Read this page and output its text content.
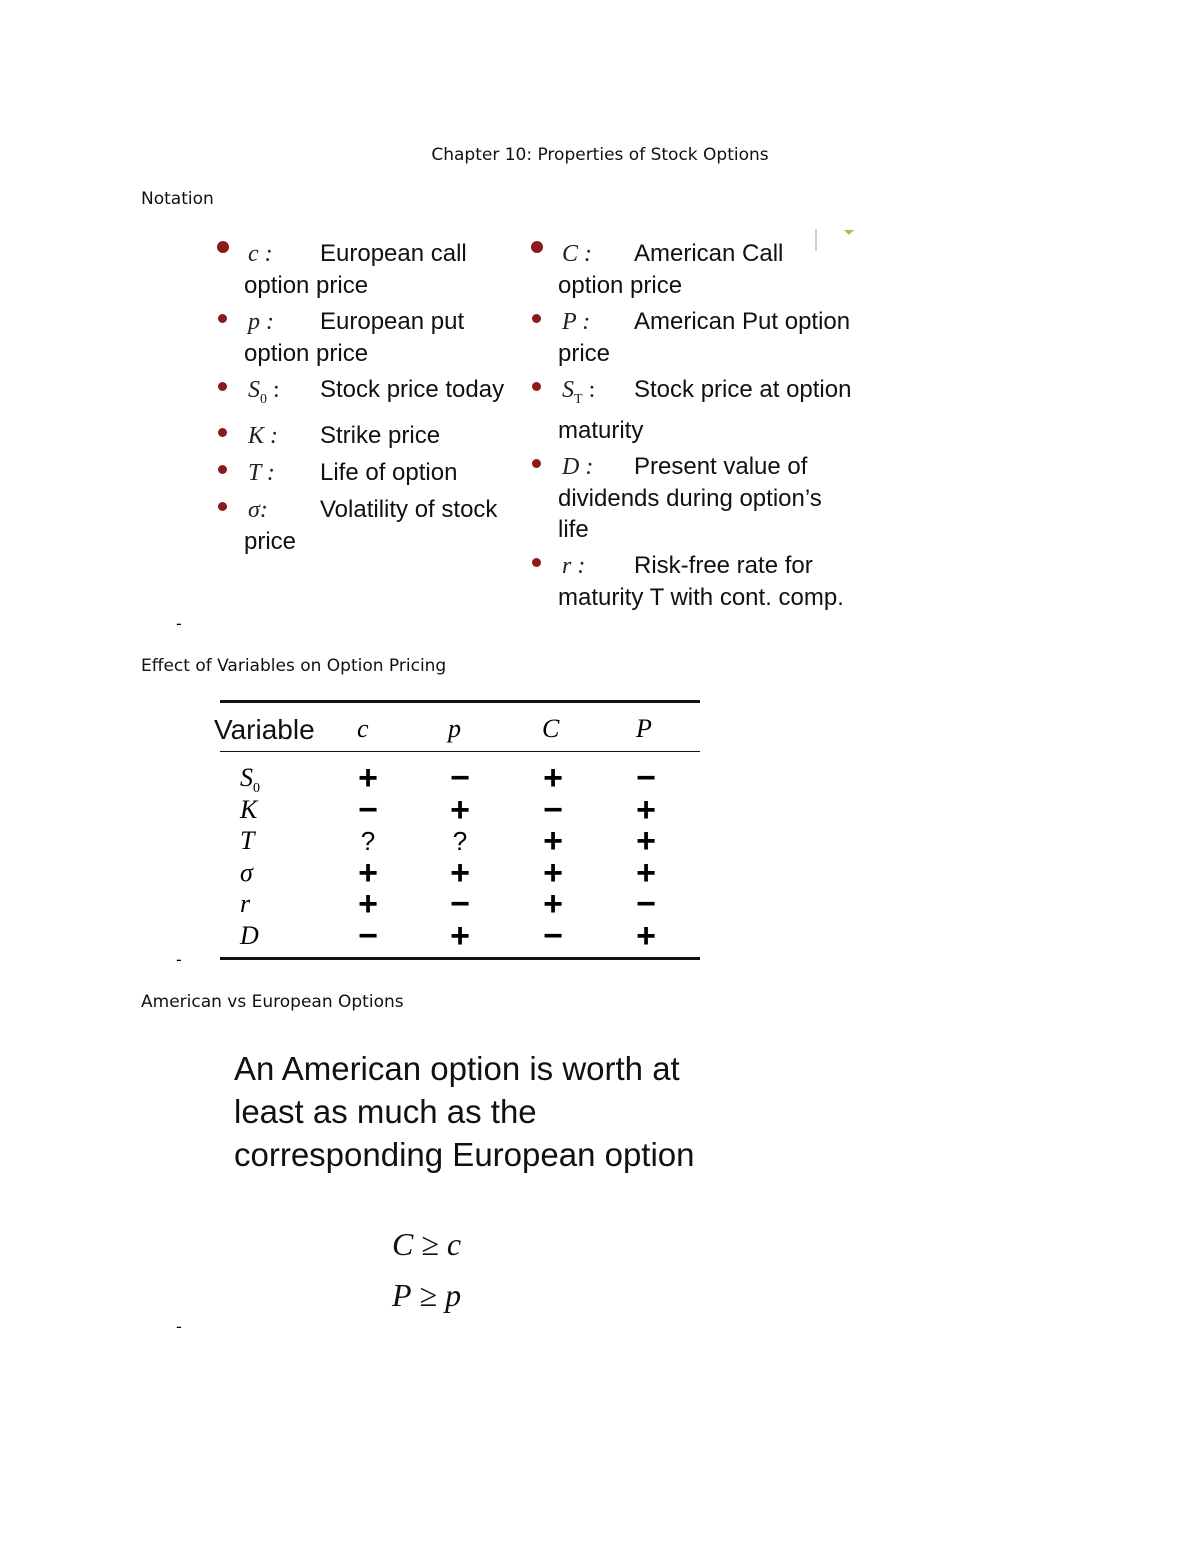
Chapter 10: Properties of Stock Options
Notation
c : European call option price
p : European put option price
$S_0$ : Stock price today
K : Strike price
T : Life of option
σ: Volatility of stock price
C : American Call option price
P : American Put option price
$S_T$ : Stock price at option maturity
D : Present value of dividends during option’s life
r : Risk-free rate for maturity T with cont. comp.
-
Effect of Variables on Option Pricing
Variable c	p	C	P
$S_0$	+ − + −
K	− + − +
T	?	?	+ +
σ	+ + + +
r	+ − + −
D	− + − +
-
American vs European Options
An American option is worth at least as much as the corresponding European option
C ≥ c
P ≥ p
-
